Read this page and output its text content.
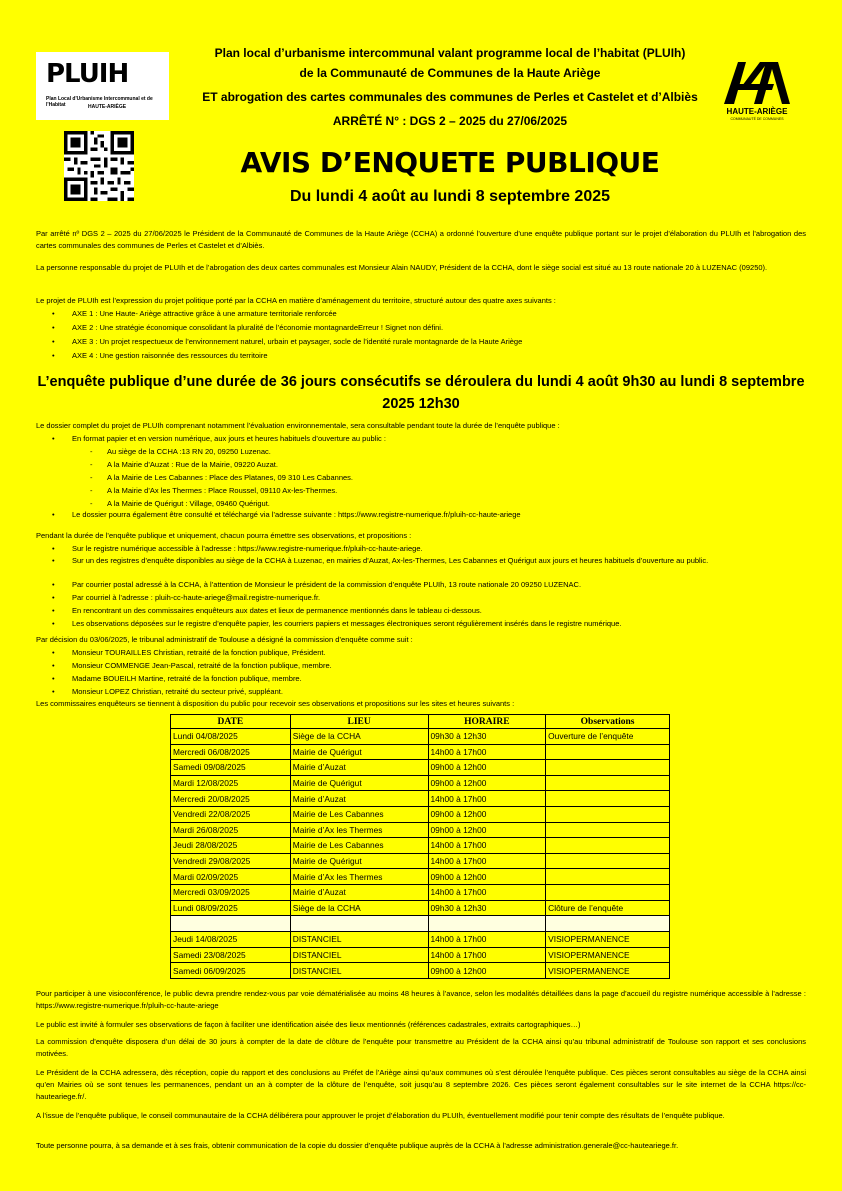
PLUIH
Plan Local d'Urbanisme Intercommunal et de l'Habitat	HAUTE-ARIÈGE	HAUTE-ARIÈGE
COMMUNAUTÉ DE COMMUNES
Plan local d’urbanisme intercommunal valant programme local de l’habitat (PLUIh)
de la Communauté de Communes de la Haute Ariège
ET abrogation des cartes communales des communes de Perles et Castelet et d’Albiès
ARRÊTÉ N° : DGS 2 – 2025 du 27/06/2025
AVIS D’ENQUETE PUBLIQUE
Du lundi 4 août au lundi 8 septembre 2025
Par arrêté nº DGS 2 – 2025 du 27/06/2025 le Président de la Communauté de Communes de la Haute Ariège (CCHA) a ordonné l’ouverture d’une enquête publique portant sur le projet d’élaboration du PLUIh et l’abrogation des cartes communales des communes de Perles et Castelet et d’Albiès.
La personne responsable du projet de PLUIh et de l’abrogation des deux cartes communales est Monsieur Alain NAUDY, Président de la CCHA, dont le siège social est situé au 13 route nationale 20 à LUZENAC (09250).
Le projet de PLUIh est l’expression du projet politique porté par la CCHA en matière d’aménagement du territoire, structuré autour des quatre axes suivants :
• AXE 1 : Une Haute- Ariège attractive grâce à une armature territoriale renforcée
• AXE 2 : Une stratégie économique consolidant la pluralité de l’économie montagnardeErreur ! Signet non défini.
• AXE 3 : Un projet respectueux de l’environnement naturel, urbain et paysager, socle de l’identité rurale montagnarde de la Haute Ariège
• AXE 4 : Une gestion raisonnée des ressources du territoire
L’enquête publique d’une durée de 36 jours consécutifs se déroulera du lundi 4 août 9h30 au lundi 8 septembre 2025 12h30
Le dossier complet du projet de PLUIh comprenant notamment l’évaluation environnementale, sera consultable pendant toute la durée de l’enquête publique :
• En format papier et en version numérique, aux jours et heures habituels d’ouverture au public :
- Au siège de la CCHA :13 RN 20, 09250 Luzenac.
- A la Mairie d’Auzat : Rue de la Mairie, 09220 Auzat.
- A la Mairie de Les Cabannes : Place des Platanes, 09 310 Les Cabannes.
- A la Mairie d’Ax les Thermes : Place Roussel, 09110 Ax-les-Thermes.
- A la Mairie de Quérigut : Village, 09460 Quérigut.
• Le dossier pourra également être consulté et téléchargé via l’adresse suivante : https://www.registre-numerique.fr/pluih-cc-haute-ariege
Pendant la durée de l’enquête publique et uniquement, chacun pourra émettre ses observations, et propositions :
• Sur le registre numérique accessible à l’adresse : https://www.registre-numerique.fr/pluih-cc-haute-ariege.
• Sur un des registres d’enquête disponibles au siège de la CCHA à Luzenac, en mairies d’Auzat, Ax-les-Thermes, Les Cabannes et Quérigut aux jours et heures habituels d’ouverture au public.
• Par courrier postal adressé à la CCHA, à l’attention de Monsieur le président de la commission d’enquête PLUIh, 13 route nationale 20 09250 LUZENAC.
• Par courriel à l’adresse : pluih-cc-haute-ariege@mail.registre-numerique.fr.
• En rencontrant un des commissaires enquêteurs aux dates et lieux de permanence mentionnés dans le tableau ci-dessous.
• Les observations déposées sur le registre d’enquête papier, les courriers papiers et messages électroniques seront régulièrement insérés dans le registre numérique.
Par décision du 03/06/2025, le tribunal administratif de Toulouse a désigné la commission d’enquête comme suit :
• Monsieur TOURAILLES Christian, retraité de la fonction publique, Président.
• Monsieur COMMENGE Jean-Pascal, retraité de la fonction publique, membre.
• Madame BOUEILH Martine, retraité de la fonction publique, membre.
• Monsieur LOPEZ Christian, retraité du secteur privé, suppléant.
Les commissaires enquêteurs se tiennent à disposition du public pour recevoir ses observations et propositions sur les sites et heures suivants :
DATE	LIEU	HORAIRE	Observations
Lundi 04/08/2025	Siège de la CCHA	09h30 à 12h30	Ouverture de l’enquête
Mercredi 06/08/2025	Mairie de Quérigut	14h00 à 17h00	
Samedi 09/08/2025	Mairie d’Auzat	09h00 à 12h00	
Mardi 12/08/2025	Mairie de Quérigut	09h00 à 12h00	
Mercredi 20/08/2025	Mairie d’Auzat	14h00 à 17h00	
Vendredi 22/08/2025	Mairie de Les Cabannes	09h00 à 12h00	
Mardi 26/08/2025	Mairie d’Ax les Thermes	09h00 à 12h00	
Jeudi 28/08/2025	Mairie de Les Cabannes	14h00 à 17h00	
Vendredi 29/08/2025	Mairie de Quérigut	14h00 à 17h00	
Mardi 02/09/2025	Mairie d’Ax les Thermes	09h00 à 12h00	
Mercredi 03/09/2025	Mairie d’Auzat	14h00 à 17h00	
Lundi 08/09/2025	Siège de la CCHA	09h30 à 12h30	Clôture de l’enquête

Jeudi 14/08/2025	DISTANCIEL	14h00 à 17h00	VISIOPERMANENCE
Samedi 23/08/2025	DISTANCIEL	14h00 à 17h00	VISIOPERMANENCE
Samedi 06/09/2025	DISTANCIEL	09h00 à 12h00	VISIOPERMANENCE
Pour participer à une visioconférence, le public devra prendre rendez-vous par voie dématérialisée au moins 48 heures à l’avance, selon les modalités détaillées dans la page d’accueil du registre numérique accessible à l’adresse : https://www.registre-numerique.fr/pluih-cc-haute-ariege
Le public est invité à formuler ses observations de façon à faciliter une identification aisée des lieux mentionnés (références cadastrales, extraits cartographiques…)
La commission d’enquête disposera d’un délai de 30 jours à compter de la date de clôture de l’enquête pour transmettre au Président de la CCHA ainsi qu’au tribunal administratif de Toulouse son rapport et ses conclusions motivées.
Le Président de la CCHA adressera, dès réception, copie du rapport et des conclusions au Préfet de l’Ariège ainsi qu’aux communes où s’est déroulée l’enquête publique. Ces pièces seront consultables au siège de la CCHA ainsi qu’en Mairies où se sont tenues les permanences, pendant un an à compter de la clôture de l’enquête, soit jusqu’au 8 septembre 2026. Ces pièces seront également consultables sur le site internet de la CCHA https://cc-hauteariege.fr/.
A l’issue de l’enquête publique, le conseil communautaire de la CCHA délibérera pour approuver le projet d’élaboration du PLUIh, éventuellement modifié pour tenir compte des résultats de l’enquête publique.
Toute personne pourra, à sa demande et à ses frais, obtenir communication de la copie du dossier d’enquête publique auprès de la CCHA à l’adresse administration.generale@cc-hauteariege.fr.
